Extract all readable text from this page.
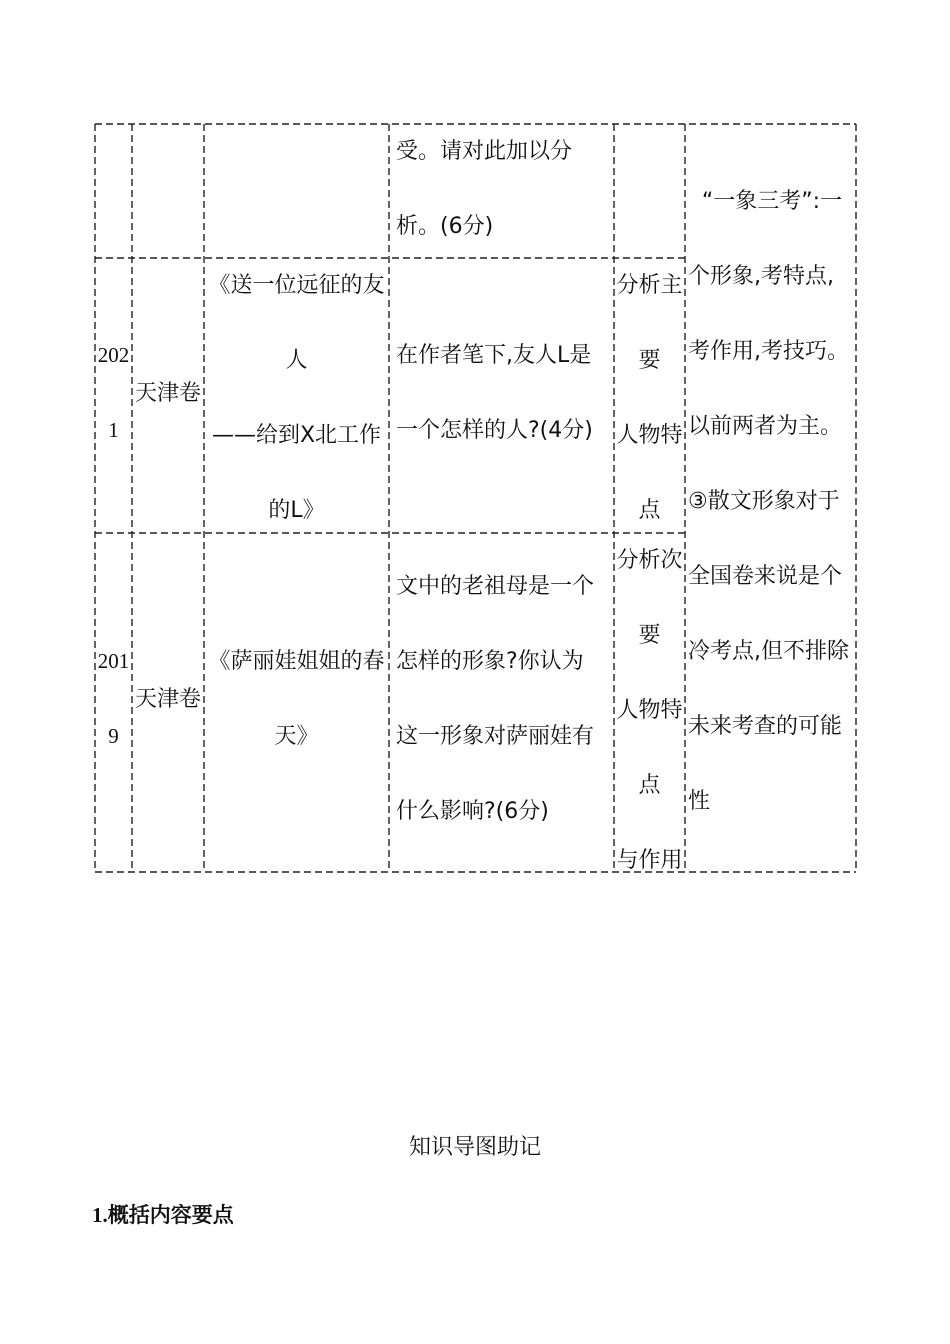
受。请对此加以分
析。(6分)
“一象三考”:一
个形象,考特点,
考作用,考技巧。
以前两者为主。
③散文形象对于
全国卷来说是个
冷考点,但不排除
未来考查的可能
性
202
1
天津卷
《送一位远征的友
人
——给到X北工作
的L》
在作者笔下,友人L是
一个怎样的人?(4分)
分析主
要
人物特
点
201
9
天津卷
《萨丽娃姐姐的春
天》
文中的老祖母是一个
怎样的形象?你认为
这一形象对萨丽娃有
什么影响?(6分)
分析次
要
人物特
点
与作用
知识导图助记
1.概括内容要点
